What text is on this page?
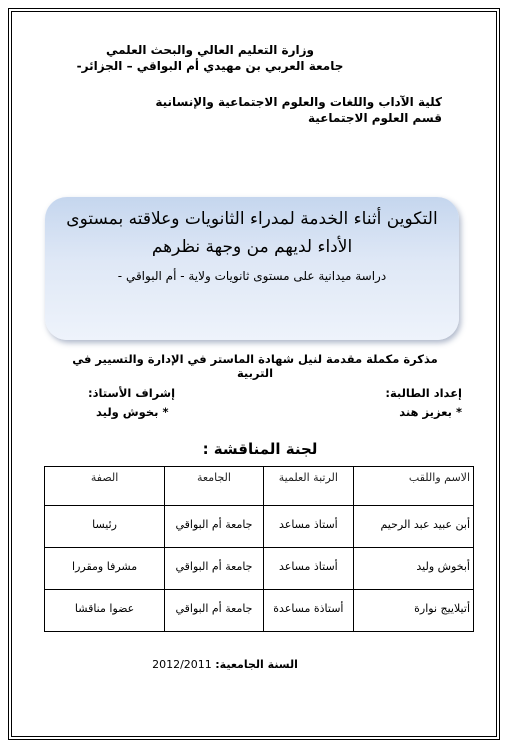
وزارة التعليم العالي والبحث العلمي
جامعة العربي بن مهيدي أم البواقي – الجزائر-
كلية الآداب واللغات والعلوم الاجتماعية والإنسانية
قسم العلوم الاجتماعية
التكوين أثناء الخدمة لمدراء الثانويات وعلاقته بمستوى
الأداء لديهم من وجهة نظرهم
دراسة ميدانية على مستوى ثانويات ولاية - أم البواقي -
مذكرة مكملة مقدمة لنيل شهادة الماستر في الإدارة والتسيير في التربية
إعداد الطالبة:
* بعزيز هند
إشراف الأستاذ:
* بخوش وليد
لجنة المناقشة :
الاسم واللقب	الرتبة العلمية	الجامعة	الصفة
أبن عبيد عبد الرحيم	أستاذ مساعد	جامعة أم البواقي	رئيسا
أبخوش وليد	أستاذ مساعد	جامعة أم البواقي	مشرفا ومقررا
أتيلاييج نوارة	أستاذة مساعدة	جامعة أم البواقي	عضوا مناقشا
السنة الجامعية: 2012/2011
